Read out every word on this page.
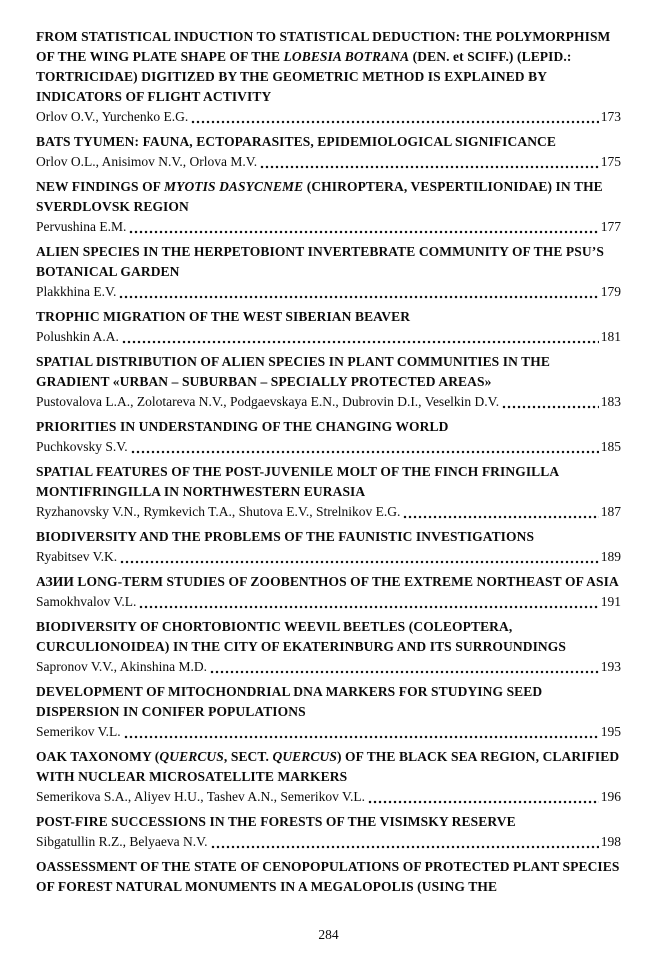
FROM STATISTICAL INDUCTION TO STATISTICAL DEDUCTION: THE POLYMORPHISM OF THE WING PLATE SHAPE OF THE LOBESIA BOTRANA (DEN. et SCIFF.) (LEPID.: TORTRICIDAE) DIGITIZED BY THE GEOMETRIC METHOD IS EXPLAINED BY INDICATORS OF FLIGHT ACTIVITY
Orlov O.V., Yurchenko E.G.	173
BATS TYUMEN: FAUNA, ECTOPARASITES, EPIDEMIOLOGICAL SIGNIFICANCE
Orlov O.L., Anisimov N.V., Orlova M.V.	175
NEW FINDINGS OF MYOTIS DASYCNEME (CHIROPTERA, VESPERTILIONIDAE) IN THE SVERDLOVSK REGION
Pervushina E.M.	177
ALIEN SPECIES IN THE HERPETOBIONT INVERTEBRATE COMMUNITY OF THE PSU’S BOTANICAL GARDEN
Plakkhina E.V.	179
TROPHIC MIGRATION OF THE WEST SIBERIAN BEAVER
Polushkin A.A.	181
SPATIAL DISTRIBUTION OF ALIEN SPECIES IN PLANT COMMUNITIES IN THE GRADIENT «URBAN – SUBURBAN – SPECIALLY PROTECTED AREAS»
Pustovalova L.A., Zolotareva N.V., Podgaevskaya E.N., Dubrovin D.I., Veselkin D.V.	183
PRIORITIES IN UNDERSTANDING OF THE CHANGING WORLD
Puchkovsky S.V.	185
SPATIAL FEATURES OF THE POST-JUVENILE MOLT OF THE FINCH FRINGILLA MONTIFRINGILLA IN NORTHWESTERN EURASIA
Ryzhanovsky V.N., Rymkevich T.A., Shutova E.V., Strelnikov E.G.	187
BIODIVERSITY AND THE PROBLEMS OF THE FAUNISTIC INVESTIGATIONS
Ryabitsev V.K.	189
АЗИИ LONG-TERM STUDIES OF ZOOBENTHOS OF THE EXTREME NORTHEAST OF ASIA
Samokhvalov V.L.	191
BIODIVERSITY OF CHORTOBIONTIC WEEVIL BEETLES (COLEOPTERA, CURCULIONOIDEA) IN THE CITY OF EKATERINBURG AND ITS SURROUNDINGS
Sapronov V.V., Akinshina M.D.	193
DEVELOPMENT OF MITOCHONDRIAL DNA MARKERS FOR STUDYING SEED DISPERSION IN CONIFER POPULATIONS
Semerikov V.L.	195
OAK TAXONOMY (QUERCUS, SECT. QUERCUS) OF THE BLACK SEA REGION, CLARIFIED WITH NUCLEAR MICROSATELLITE MARKERS
Semerikova S.A., Aliyev H.U., Tashev A.N., Semerikov V.L.	196
POST-FIRE SUCCESSIONS IN THE FORESTS OF THE VISIMSKY RESERVE
Sibgatullin R.Z., Belyaeva N.V.	198
OASSESSMENT OF THE STATE OF CENOPOPULATIONS OF PROTECTED PLANT SPECIES OF FOREST NATURAL MONUMENTS IN A MEGALOPOLIS (USING THE
284
